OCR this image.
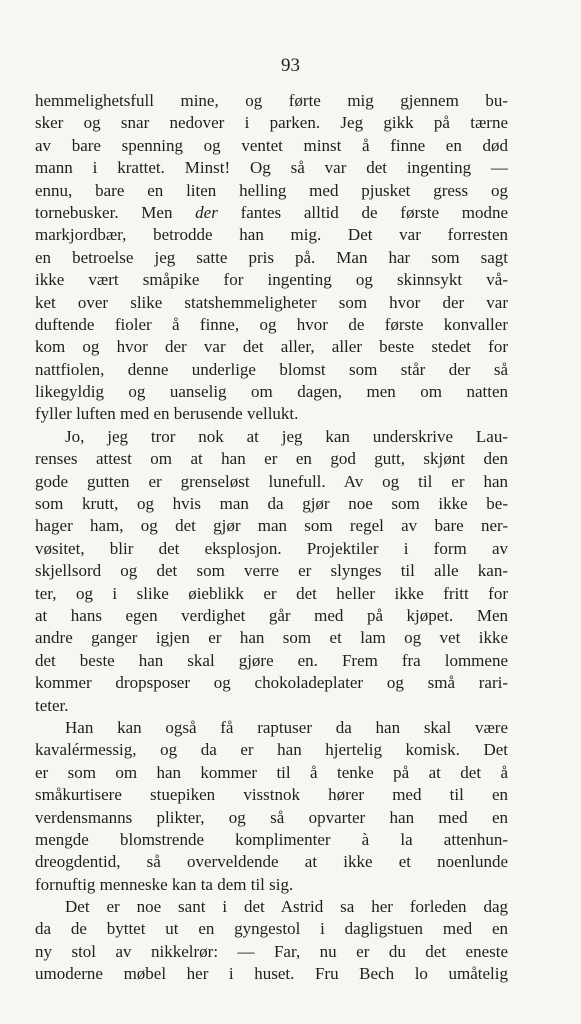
93
hemmelighetsfull mine, og førte mig gjennem bu-
sker og snar nedover i parken. Jeg gikk på tærne
av bare spenning og ventet minst å finne en død
mann i krattet. Minst! Og så var det ingenting —
ennu, bare en liten helling med pjusket gress og
tornebusker. Men der fantes alltid de første modne
markjordbær, betrodde han mig. Det var forresten
en betroelse jeg satte pris på. Man har som sagt
ikke vært småpike for ingenting og skinnsykt vå-
ket over slike statshemmeligheter som hvor der var
duftende fioler å finne, og hvor de første konvaller
kom og hvor der var det aller, aller beste stedet for
nattfiolen, denne underlige blomst som står der så
likegyldig og uanselig om dagen, men om natten
fyller luften med en berusende vellukt.
Jo, jeg tror nok at jeg kan underskrive Lau-
renses attest om at han er en god gutt, skjønt den
gode gutten er grenseløst lunefull. Av og til er han
som krutt, og hvis man da gjør noe som ikke be-
hager ham, og det gjør man som regel av bare ner-
vøsitet, blir det eksplosjon. Projektiler i form av
skjellsord og det som verre er slynges til alle kan-
ter, og i slike øieblikk er det heller ikke fritt for
at hans egen verdighet går med på kjøpet. Men
andre ganger igjen er han som et lam og vet ikke
det beste han skal gjøre en. Frem fra lommene
kommer dropsposer og chokoladeplater og små rari-
teter.
Han kan også få raptuser da han skal være
kavalérmessig, og da er han hjertelig komisk. Det
er som om han kommer til å tenke på at det å
småkurtisere stuepiken visstnok hører med til en
verdensmanns plikter, og så opvarter han med en
mengde blomstrende komplimenter à la attenhun-
dreogdentid, så overveldende at ikke et noenlunde
fornuftig menneske kan ta dem til sig.
Det er noe sant i det Astrid sa her forleden dag
da de byttet ut en gyngestol i dagligstuen med en
ny stol av nikkelrør: — Far, nu er du det eneste
umoderne møbel her i huset. Fru Bech lo umåtelig
